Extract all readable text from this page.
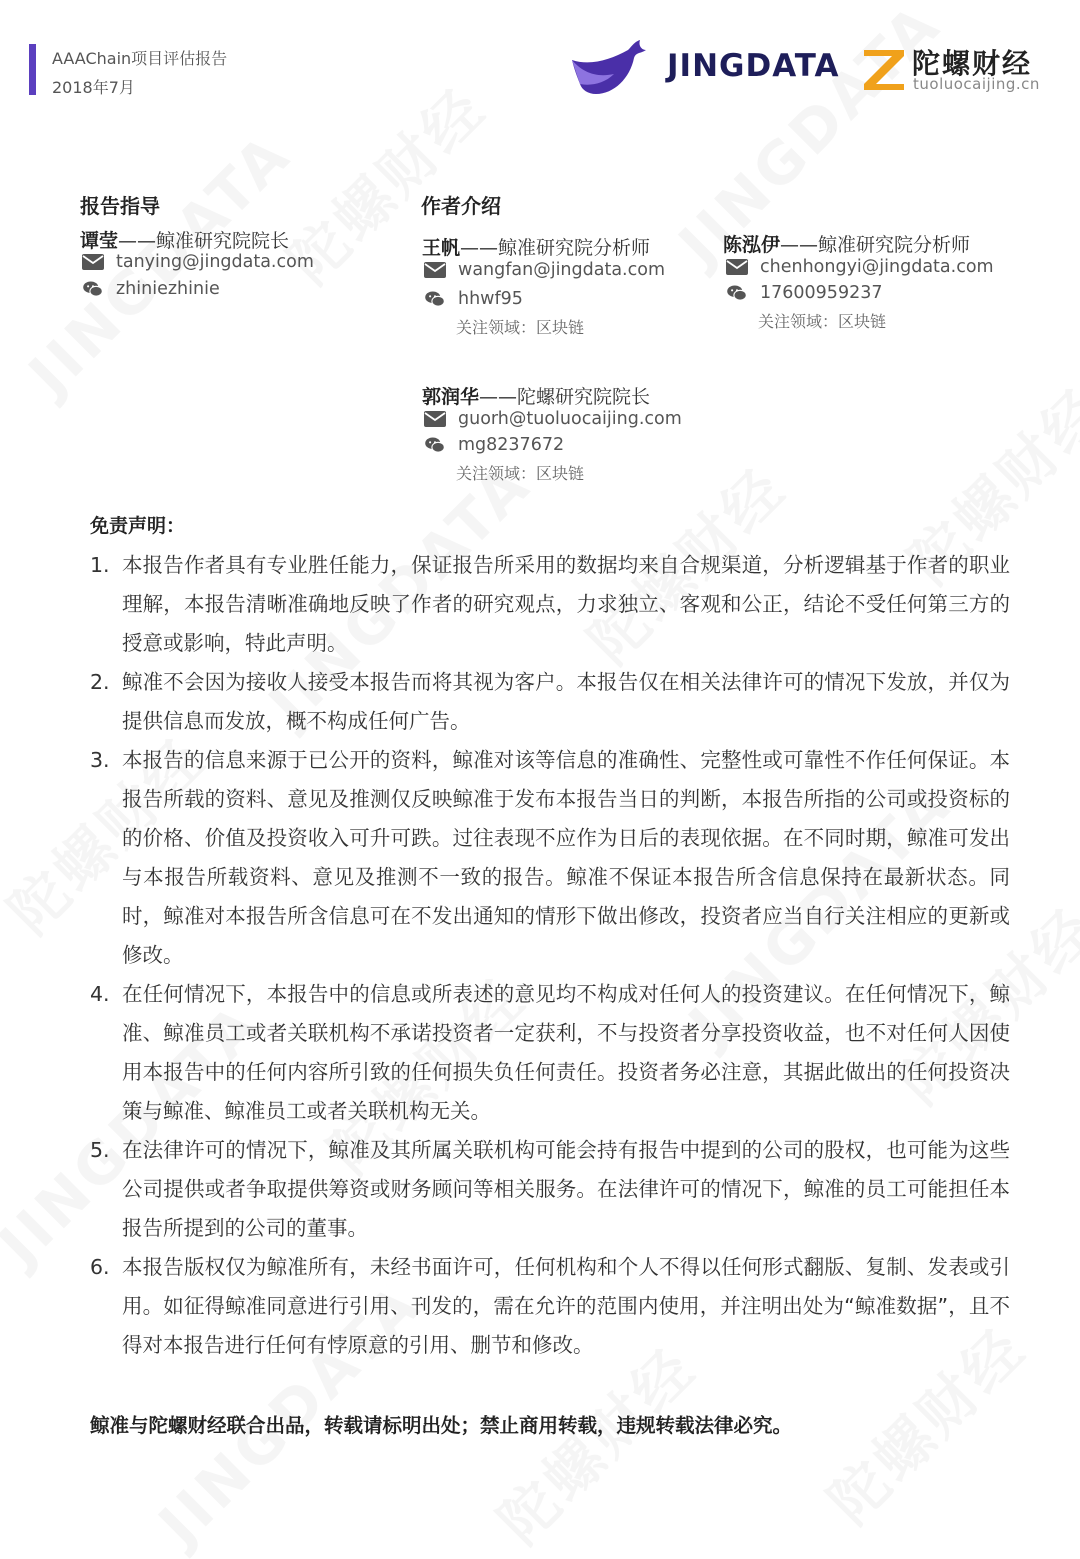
AAAChain项目评估报告
2018年7月
JINGDATA	陀螺财经
tuoluocaijing.cn
报告指导
谭莹——鲸准研究院院长
tanying@jingdata.com
zhiniezhinie
作者介绍
王帆——鲸准研究院分析师
wangfan@jingdata.com
hhwf95
关注领域：区块链
陈泓伊——鲸准研究院分析师
chenhongyi@jingdata.com
17600959237
关注领域：区块链
郭润华——陀螺研究院院长
guorh@tuoluocaijing.com
mg8237672
关注领域：区块链
免责声明：
1. 本报告作者具有专业胜任能力，保证报告所采用的数据均来自合规渠道，分析逻辑基于作者的职业理解，本报告清晰准确地反映了作者的研究观点，力求独立、客观和公正，结论不受任何第三方的授意或影响，特此声明。
2. 鲸准不会因为接收人接受本报告而将其视为客户。本报告仅在相关法律许可的情况下发放，并仅为提供信息而发放，概不构成任何广告。
3. 本报告的信息来源于已公开的资料，鲸准对该等信息的准确性、完整性或可靠性不作任何保证。本报告所载的资料、意见及推测仅反映鲸准于发布本报告当日的判断，本报告所指的公司或投资标的的价格、价值及投资收入可升可跌。过往表现不应作为日后的表现依据。在不同时期，鲸准可发出与本报告所载资料、意见及推测不一致的报告。鲸准不保证本报告所含信息保持在最新状态。同时，鲸准对本报告所含信息可在不发出通知的情形下做出修改，投资者应当自行关注相应的更新或修改。
4. 在任何情况下，本报告中的信息或所表述的意见均不构成对任何人的投资建议。在任何情况下，鲸准、鲸准员工或者关联机构不承诺投资者一定获利，不与投资者分享投资收益，也不对任何人因使用本报告中的任何内容所引致的任何损失负任何责任。投资者务必注意，其据此做出的任何投资决策与鲸准、鲸准员工或者关联机构无关。
5. 在法律许可的情况下，鲸准及其所属关联机构可能会持有报告中提到的公司的股权，也可能为这些公司提供或者争取提供筹资或财务顾问等相关服务。在法律许可的情况下，鲸准的员工可能担任本报告所提到的公司的董事。
6. 本报告版权仅为鲸准所有，未经书面许可，任何机构和个人不得以任何形式翻版、复制、发表或引用。如征得鲸准同意进行引用、刊发的，需在允许的范围内使用，并注明出处为“鲸准数据”，且不得对本报告进行任何有悖原意的引用、删节和修改。
鲸准与陀螺财经联合出品，转载请标明出处；禁止商用转载，违规转载法律必究。
